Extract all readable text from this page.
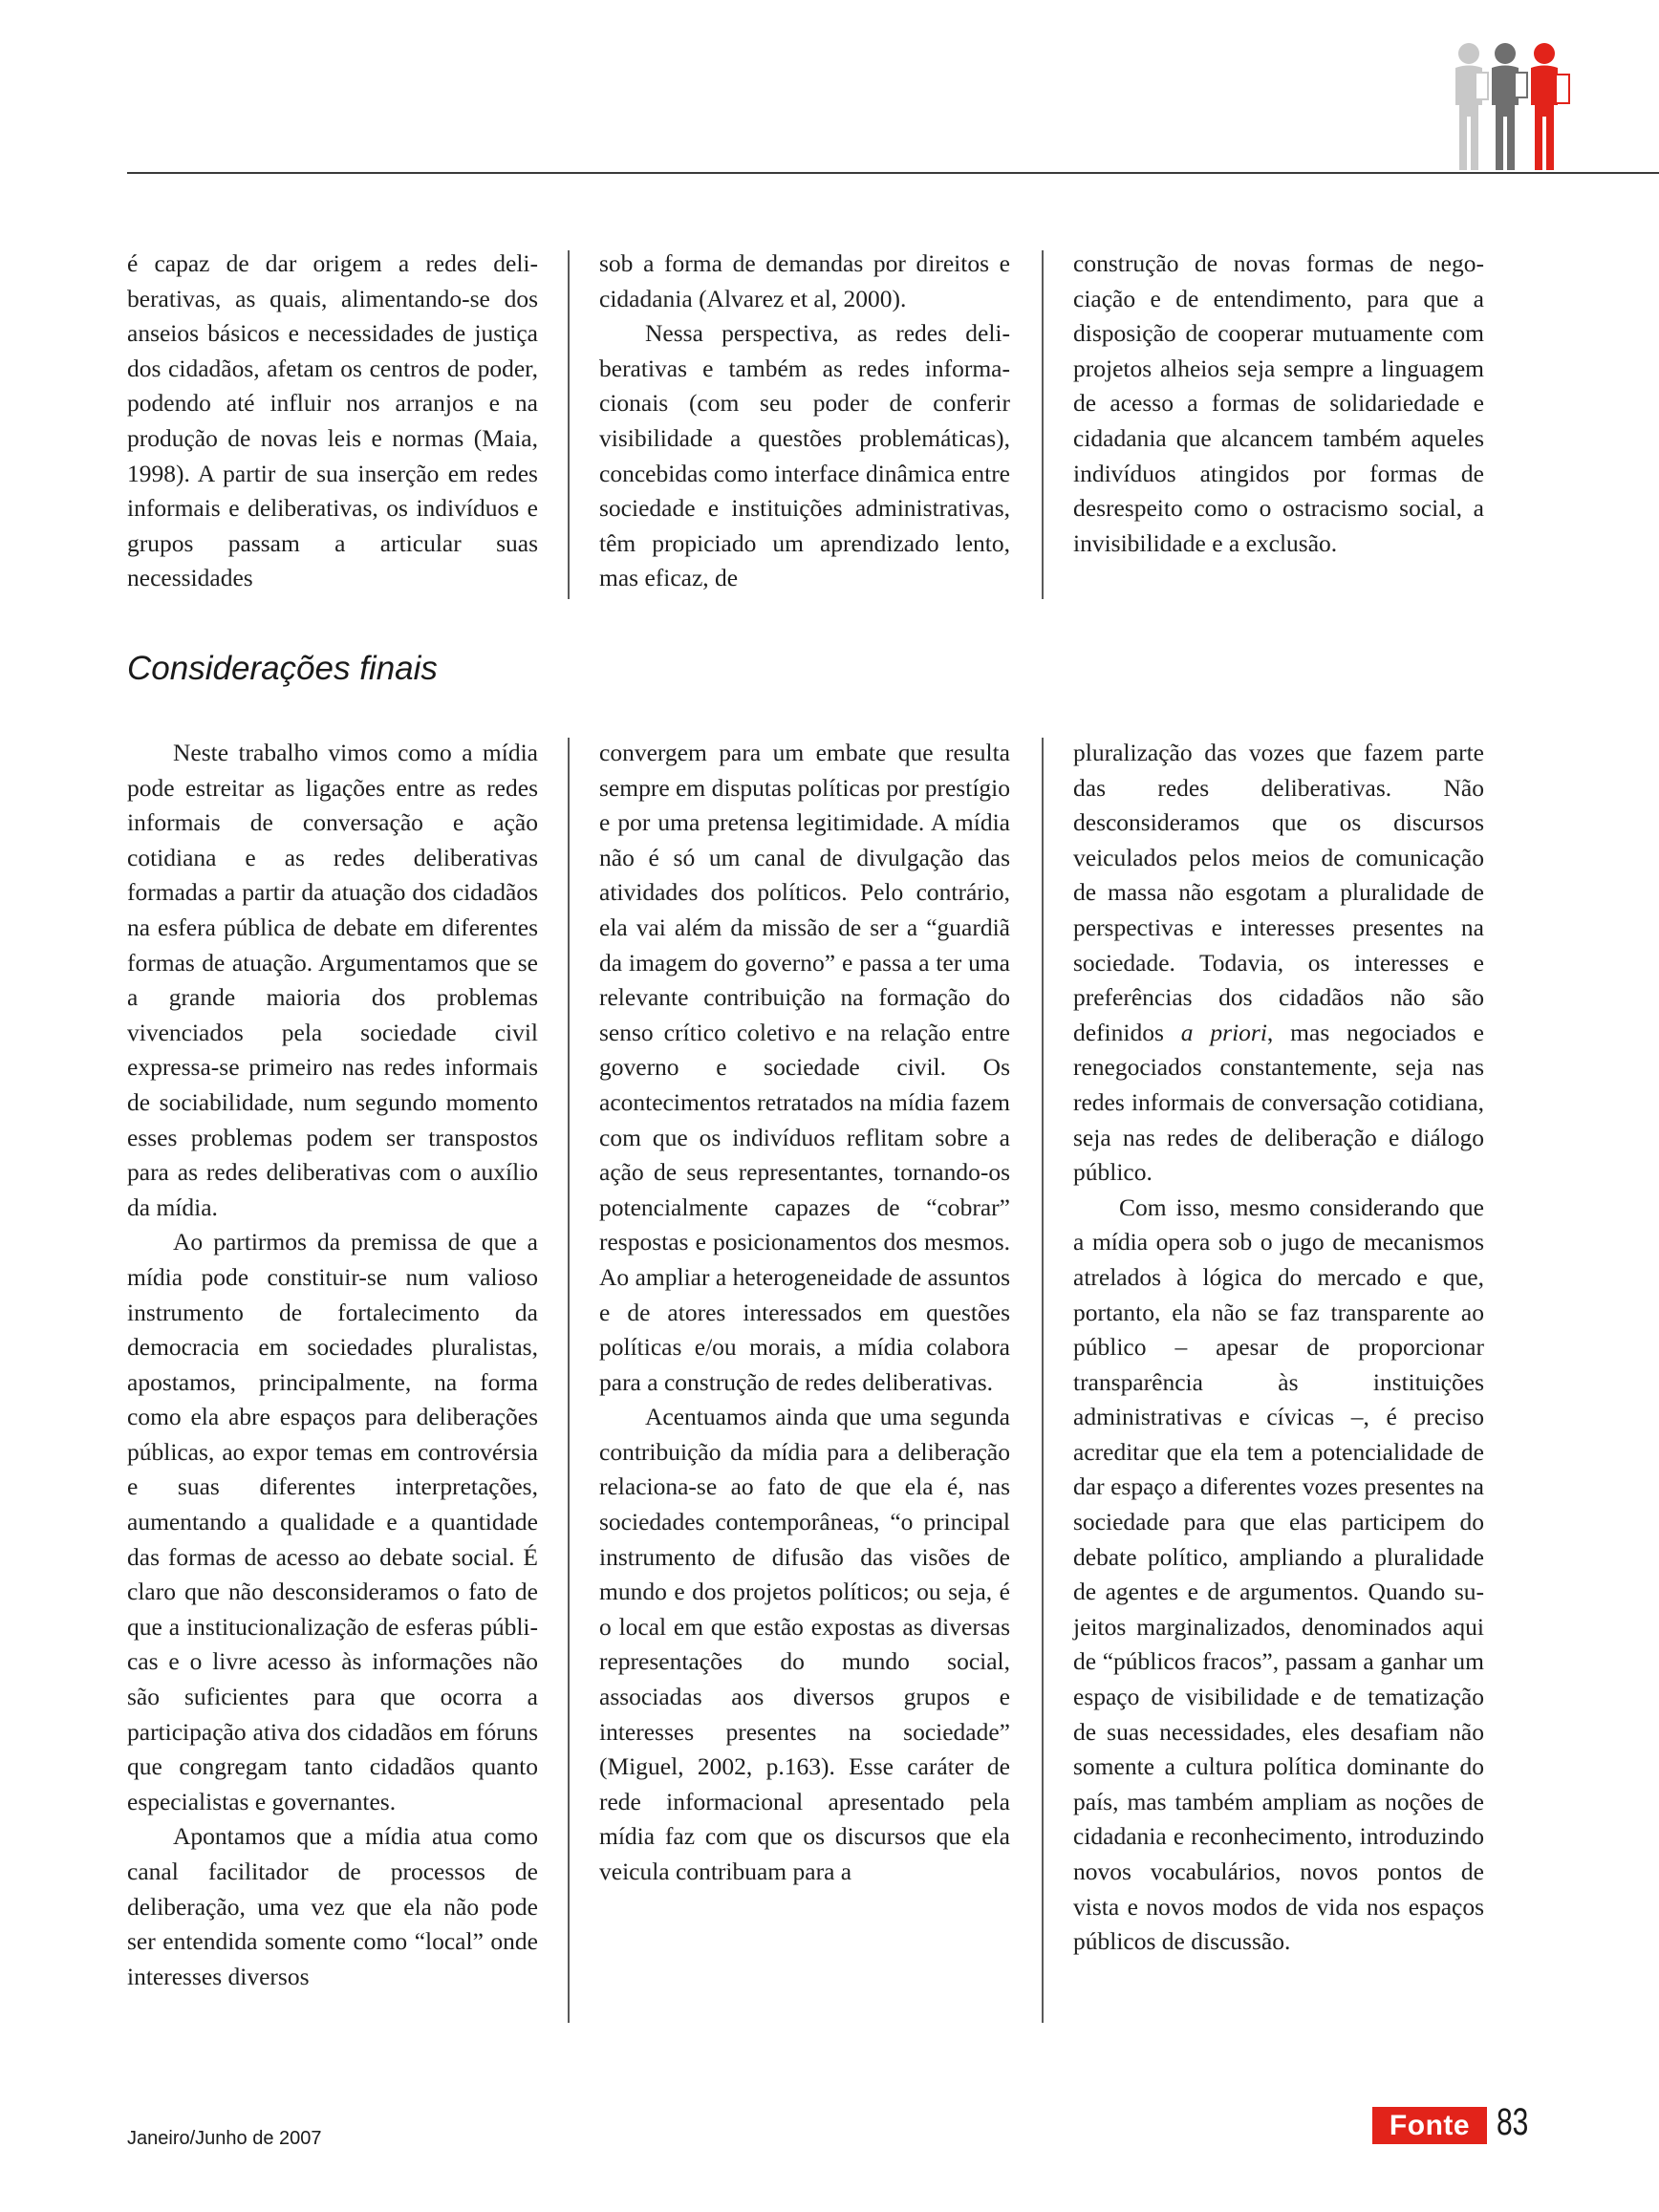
é capaz de dar origem a redes deliberativas, as quais, alimentando-se dos anseios básicos e necessidades de justiça dos cidadãos, afetam os centros de poder, podendo até influir nos arranjos e na produção de novas leis e normas (Maia, 1998). A partir de sua inserção em redes informais e deliberativas, os indivíduos e grupos passam a articular suas necessidades

sob a forma de demandas por direitos e cidadania (Alvarez et al, 2000).

Nessa perspectiva, as redes deliberativas e também as redes informacionais (com seu poder de conferir visibilidade a questões problemáticas), concebidas como interface dinâmica entre sociedade e instituições administrativas, têm propiciado um aprendizado lento, mas eficaz, de

construção de novas formas de negociação e de entendimento, para que a disposição de cooperar mutuamente com projetos alheios seja sempre a linguagem de acesso a formas de solidariedade e cidadania que alcancem também aqueles indivíduos atingidos por formas de desrespeito como o ostracismo social, a invisibilidade e a exclusão.

Considerações finais

Neste trabalho vimos como a mídia pode estreitar as ligações entre as redes informais de conversação e ação cotidiana e as redes deliberativas formadas a partir da atuação dos cidadãos na esfera pública de debate em diferentes formas de atuação. Argumentamos que se a grande maioria dos problemas vivenciados pela sociedade civil expressa-se primeiro nas redes informais de sociabilidade, num segundo momento esses problemas podem ser transpostos para as redes deliberativas com o auxílio da mídia.

Ao partirmos da premissa de que a mídia pode constituir-se num valioso instrumento de fortalecimento da democracia em sociedades pluralistas, apostamos, principalmente, na forma como ela abre espaços para deliberações públicas, ao expor temas em controvérsia e suas diferentes interpretações, aumentando a qualidade e a quantidade das formas de acesso ao debate social. É claro que não desconsideramos o fato de que a institucionalização de esferas públicas e o livre acesso às informações não são suficientes para que ocorra a participação ativa dos cidadãos em fóruns que congregam tanto cidadãos quanto especialistas e governantes.

Apontamos que a mídia atua como canal facilitador de processos de deliberação, uma vez que ela não pode ser entendida somente como “local” onde interesses diversos

convergem para um embate que resulta sempre em disputas políticas por prestígio e por uma pretensa legitimidade. A mídia não é só um canal de divulgação das atividades dos políticos. Pelo contrário, ela vai além da missão de ser a “guardiã da imagem do governo” e passa a ter uma relevante contribuição na formação do senso crítico coletivo e na relação entre governo e sociedade civil. Os acontecimentos retratados na mídia fazem com que os indivíduos reflitam sobre a ação de seus representantes, tornando-os potencialmente capazes de “cobrar” respostas e posicionamentos dos mesmos. Ao ampliar a heterogeneidade de assuntos e de atores interessados em questões políticas e/ou morais, a mídia colabora para a construção de redes deliberativas.

Acentuamos ainda que uma segunda contribuição da mídia para a deliberação relaciona-se ao fato de que ela é, nas sociedades contemporâneas, “o principal instrumento de difusão das visões de mundo e dos projetos políticos; ou seja, é o local em que estão expostas as diversas representações do mundo social, associadas aos diversos grupos e interesses presentes na sociedade” (Miguel, 2002, p.163). Esse caráter de rede informacional apresentado pela mídia faz com que os discursos que ela veicula contribuam para a

pluralização das vozes que fazem parte das redes deliberativas. Não desconsideramos que os discursos veiculados pelos meios de comunicação de massa não esgotam a pluralidade de perspectivas e interesses presentes na sociedade. Todavia, os interesses e preferências dos cidadãos não são definidos a priori, mas negociados e renegociados constantemente, seja nas redes informais de conversação cotidiana, seja nas redes de deliberação e diálogo público.

Com isso, mesmo considerando que a mídia opera sob o jugo de mecanismos atrelados à lógica do mercado e que, portanto, ela não se faz transparente ao público – apesar de proporcionar transparência às instituições administrativas e cívicas –, é preciso acreditar que ela tem a potencialidade de dar espaço a diferentes vozes presentes na sociedade para que elas participem do debate político, ampliando a pluralidade de agentes e de argumentos. Quando sujeitos marginalizados, denominados aqui de “públicos fracos”, passam a ganhar um espaço de visibilidade e de tematização de suas necessidades, eles desafiam não somente a cultura política dominante do país, mas também ampliam as noções de cidadania e reconhecimento, introduzindo novos vocabulários, novos pontos de vista e novos modos de vida nos espaços públicos de discussão.

Janeiro/Junho de 2007	Fonte 83
